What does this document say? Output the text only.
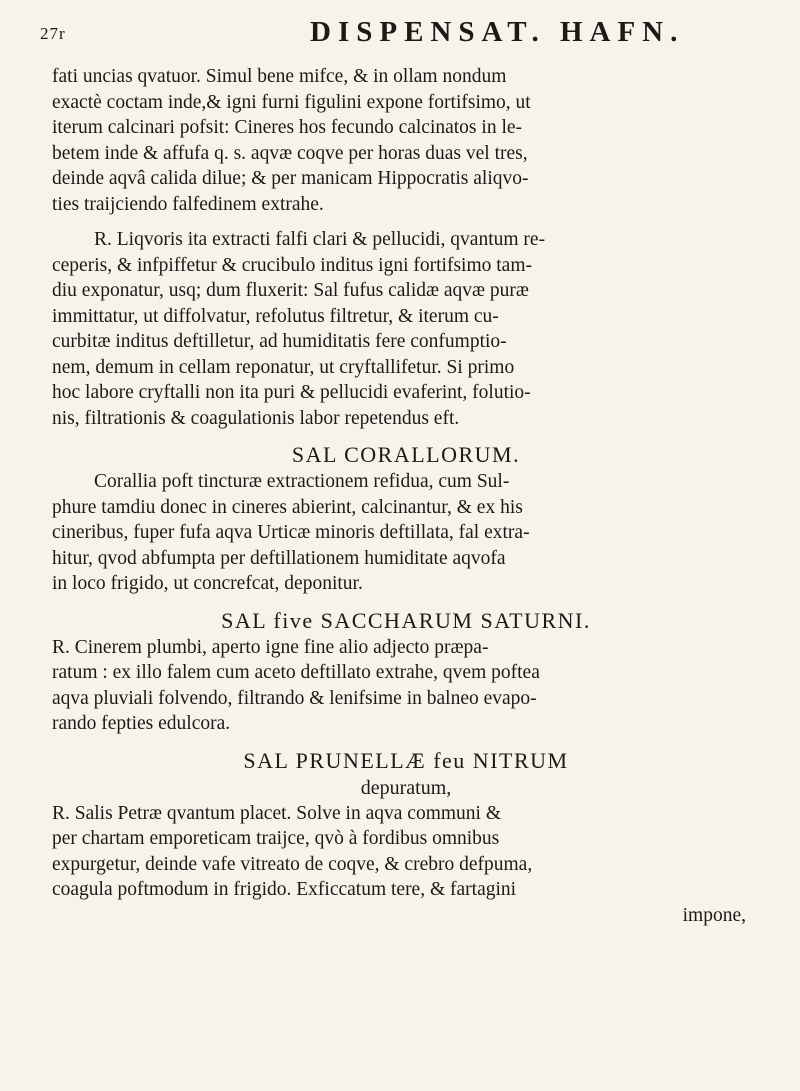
27r	DISPENSAT. HAFN.
fati uncias qvatuor. Simul bene mifce, & in ollam nondum
exactè coctam inde,& igni furni figulini expone fortifsimo, ut
iterum calcinari pofsit: Cineres hos fecundo calcinatos in le-
betem inde & affufa q. s. aqvæ coqve per horas duas vel tres,
deinde aqvâ calida dilue; & per manicam Hippocratis aliqvo-
ties traijciendo falfedinem extrahe.
R. Liqvoris ita extracti falfi clari & pellucidi, qvantum re-
ceperis, & infpiffetur & crucibulo inditus igni fortifsimo tam-
diu exponatur, usq; dum fluxerit: Sal fufus calidæ aqvæ puræ
immittatur, ut diffolvatur, refolutus filtretur, & iterum cu-
curbitæ inditus deftilletur, ad humiditatis fere confumptio-
nem, demum in cellam reponatur, ut cryftallifetur. Si primo
hoc labore cryftalli non ita puri & pellucidi evaferint, folutio-
nis, filtrationis & coagulationis labor repetendus eft.
SAL CORALLORUM.
Corallia poft tincturæ extractionem refidua, cum Sul-
phure tamdiu donec in cineres abierint, calcinantur, & ex his
cineribus, fuper fufa aqva Urticæ minoris deftillata, fal extra-
hitur, qvod abfumpta per deftillationem humiditate aqvofa
in loco frigido, ut concrefcat, deponitur.
SAL five SACCHARUM SATURNI.
R. Cinerem plumbi, aperto igne fine alio adjecto præpa-
ratum : ex illo falem cum aceto deftillato extrahe, qvem poftea
aqva pluviali folvendo, filtrando & lenifsime in balneo evapo-
rando fepties edulcora.
SAL PRUNELLÆ feu NITRUM
depuratum,
R. Salis Petræ qvantum placet. Solve in aqva communi &
per chartam emporeticam traijce, qvò à fordibus omnibus
expurgetur, deinde vafe vitreato de coqve, & crebro defpuma,
coagula poftmodum in frigido. Exficcatum tere, & fartagini
impone,
